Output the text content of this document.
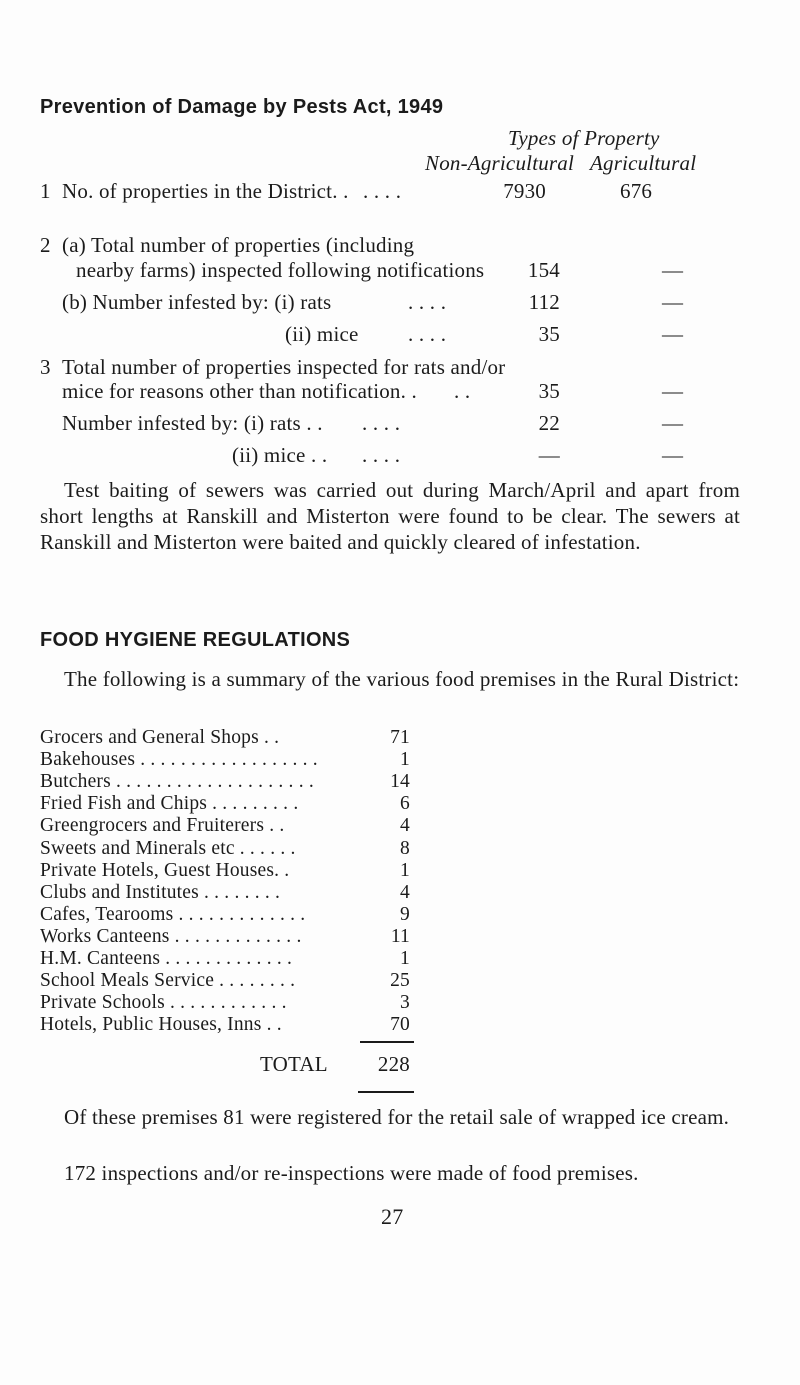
Prevention of Damage by Pests Act, 1949
Types of Property
Non-Agricultural Agricultural
1 No. of properties in the District. . . . . .	7930	676
2 (a) Total number of properties (including
nearby farms) inspected following notifications	154	—
(b) Number infested by: (i) rats	. . . .	112	—
(ii) mice . . . .	35	—
3 Total number of properties inspected for rats and/or
mice for reasons other than notification. . . .	35	—
Number infested by: (i) rats . . . . . .	22	—
(ii) mice . . . . . .	—	—
Test baiting of sewers was carried out during March/April and apart from short lengths at Ranskill and Misterton were found to be clear. The sewers at Ranskill and Misterton were baited and quickly cleared of infestation.
FOOD HYGIENE REGULATIONS
The following is a summary of the various food premises in the Rural District:
Grocers and General Shops . .	71
Bakehouses . . . . . . . . . . . . . . . . . .	1
Butchers . . . . . . . . . . . . . . . . . . . .	14
Fried Fish and Chips . . . . . . . . .	6
Greengrocers and Fruiterers . .	4
Sweets and Minerals etc . . . . . .	8
Private Hotels, Guest Houses. .	1
Clubs and Institutes . . . . . . . .	4
Cafes, Tearooms . . . . . . . . . . . . .	9
Works Canteens . . . . . . . . . . . . .	11
H.M. Canteens . . . . . . . . . . . . .	1
School Meals Service . . . . . . . .	25
Private Schools . . . . . . . . . . . .	3
Hotels, Public Houses, Inns . .	70
TOTAL	228
Of these premises 81 were registered for the retail sale of wrapped ice cream.
172 inspections and/or re-inspections were made of food premises.
27
